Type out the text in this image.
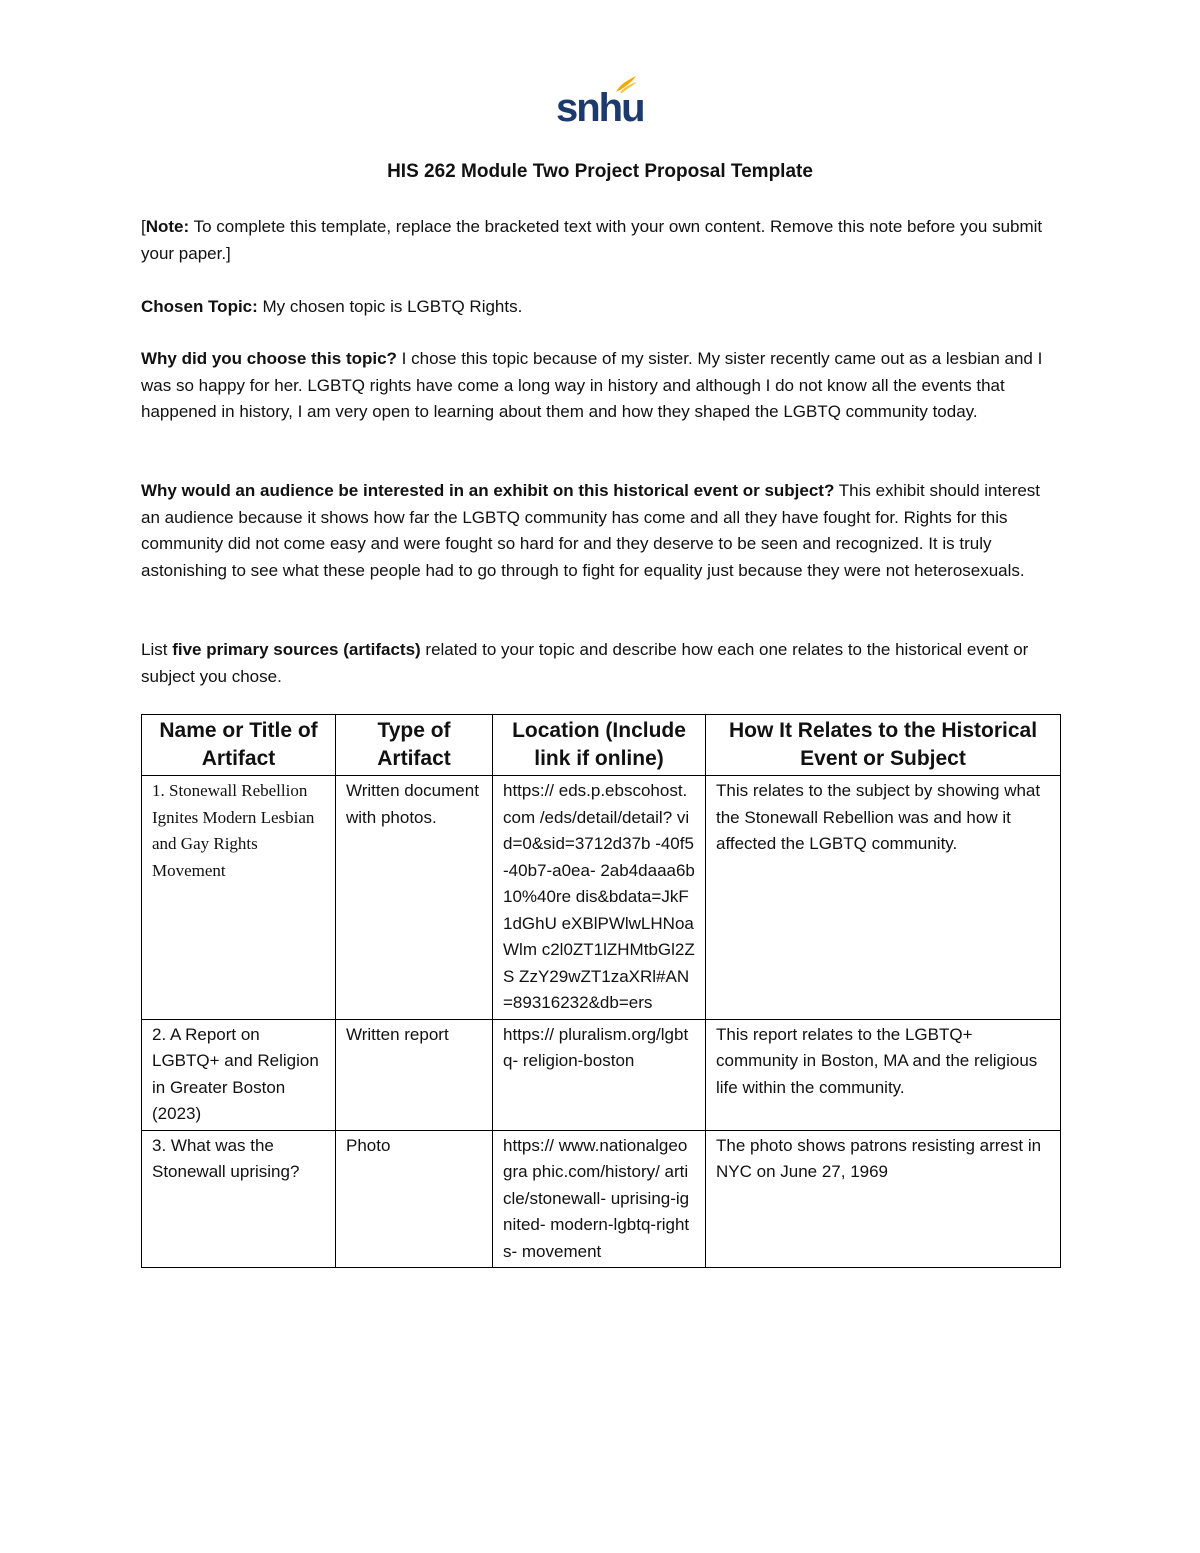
snhu
HIS 262 Module Two Project Proposal Template
[Note: To complete this template, replace the bracketed text with your own content. Remove this note before you submit your paper.]
Chosen Topic: My chosen topic is LGBTQ Rights.
Why did you choose this topic? I chose this topic because of my sister. My sister recently came out as a lesbian and I was so happy for her. LGBTQ rights have come a long way in history and although I do not know all the events that happened in history, I am very open to learning about them and how they shaped the LGBTQ community today.
Why would an audience be interested in an exhibit on this historical event or subject? This exhibit should interest an audience because it shows how far the LGBTQ community has come and all they have fought for. Rights for this community did not come easy and were fought so hard for and they deserve to be seen and recognized. It is truly astonishing to see what these people had to go through to fight for equality just because they were not heterosexuals.
List five primary sources (artifacts) related to your topic and describe how each one relates to the historical event or subject you chose.
Name or Title of Artifact	Type of Artifact	Location (Include link if online)	How It Relates to the Historical Event or Subject
1. Stonewall Rebellion Ignites Modern Lesbian and Gay Rights Movement	Written document with photos.	https:// eds.p.ebscohost.com /eds/detail/detail? vid=0&sid=3712d37b -40f5-40b7-a0ea- 2ab4daaa6b10%40re dis&bdata=JkF1dGhU eXBlPWlwLHNoaWlm c2l0ZT1lZHMtbGl2ZS ZzY29wZT1zaXRl#AN =89316232&db=ers	This relates to the subject by showing what the Stonewall Rebellion was and how it affected the LGBTQ community.
2. A Report on LGBTQ+ and Religion in Greater Boston (2023)	Written report	https:// pluralism.org/lgbtq- religion-boston	This report relates to the LGBTQ+ community in Boston, MA and the religious life within the community.
3. What was the Stonewall uprising?	Photo	https:// www.nationalgeogra phic.com/history/ article/stonewall- uprising-ignited- modern-lgbtq-rights- movement	The photo shows patrons resisting arrest in NYC on June 27, 1969
